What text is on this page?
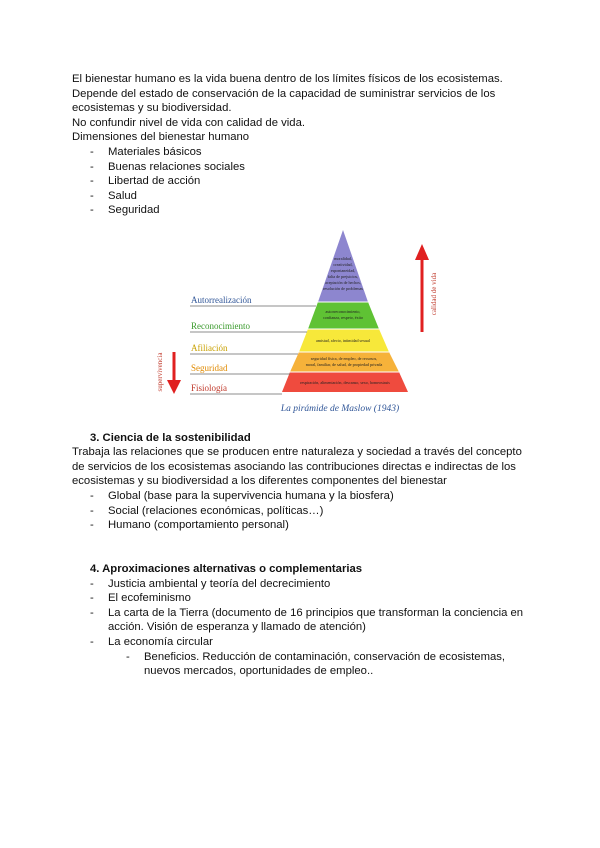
El bienestar humano es la vida buena dentro de los límites físicos de los ecosistemas.
Depende del estado de conservación de la capacidad de suministrar servicios de los
ecosistemas y su biodiversidad.
No confundir nivel de vida con calidad de vida.
Dimensiones del bienestar humano
- Materiales básicos
- Buenas relaciones sociales
- Libertad de acción
- Salud
- Seguridad
Autorrealización
Reconocimiento
Afiliación
Seguridad
Fisiología
moralidad,
creatividad,
espontaneidad,
falta de prejuicios,
aceptación de hechos,
resolución de problemas
autorreconocimiento,
confianza, respeto, éxito
amistad, afecto, intimidad sexual
seguridad física, de empleo, de recursos,
moral, familiar, de salud, de propiedad privada
respiración, alimentación, descanso, sexo, homeostasis
supervivencia
calidad de vida
La pirámide de Maslow (1943)
3. Ciencia de la sostenibilidad
Trabaja las relaciones que se producen entre naturaleza y sociedad a través del concepto
de servicios de los ecosistemas asociando las contribuciones directas e indirectas de los
ecosistemas y su biodiversidad a los diferentes componentes del bienestar
- Global (base para la supervivencia humana y la biosfera)
- Social (relaciones económicas, políticas…)
- Humano (comportamiento personal)
4. Aproximaciones alternativas o complementarias
- Justicia ambiental y teoría del decrecimiento
- El ecofeminismo
- La carta de la Tierra (documento de 16 principios que transforman la conciencia en
acción. Visión de esperanza y llamado de atención)
- La economía circular
- Beneficios. Reducción de contaminación, conservación de ecosistemas,
nuevos mercados, oportunidades de empleo..
